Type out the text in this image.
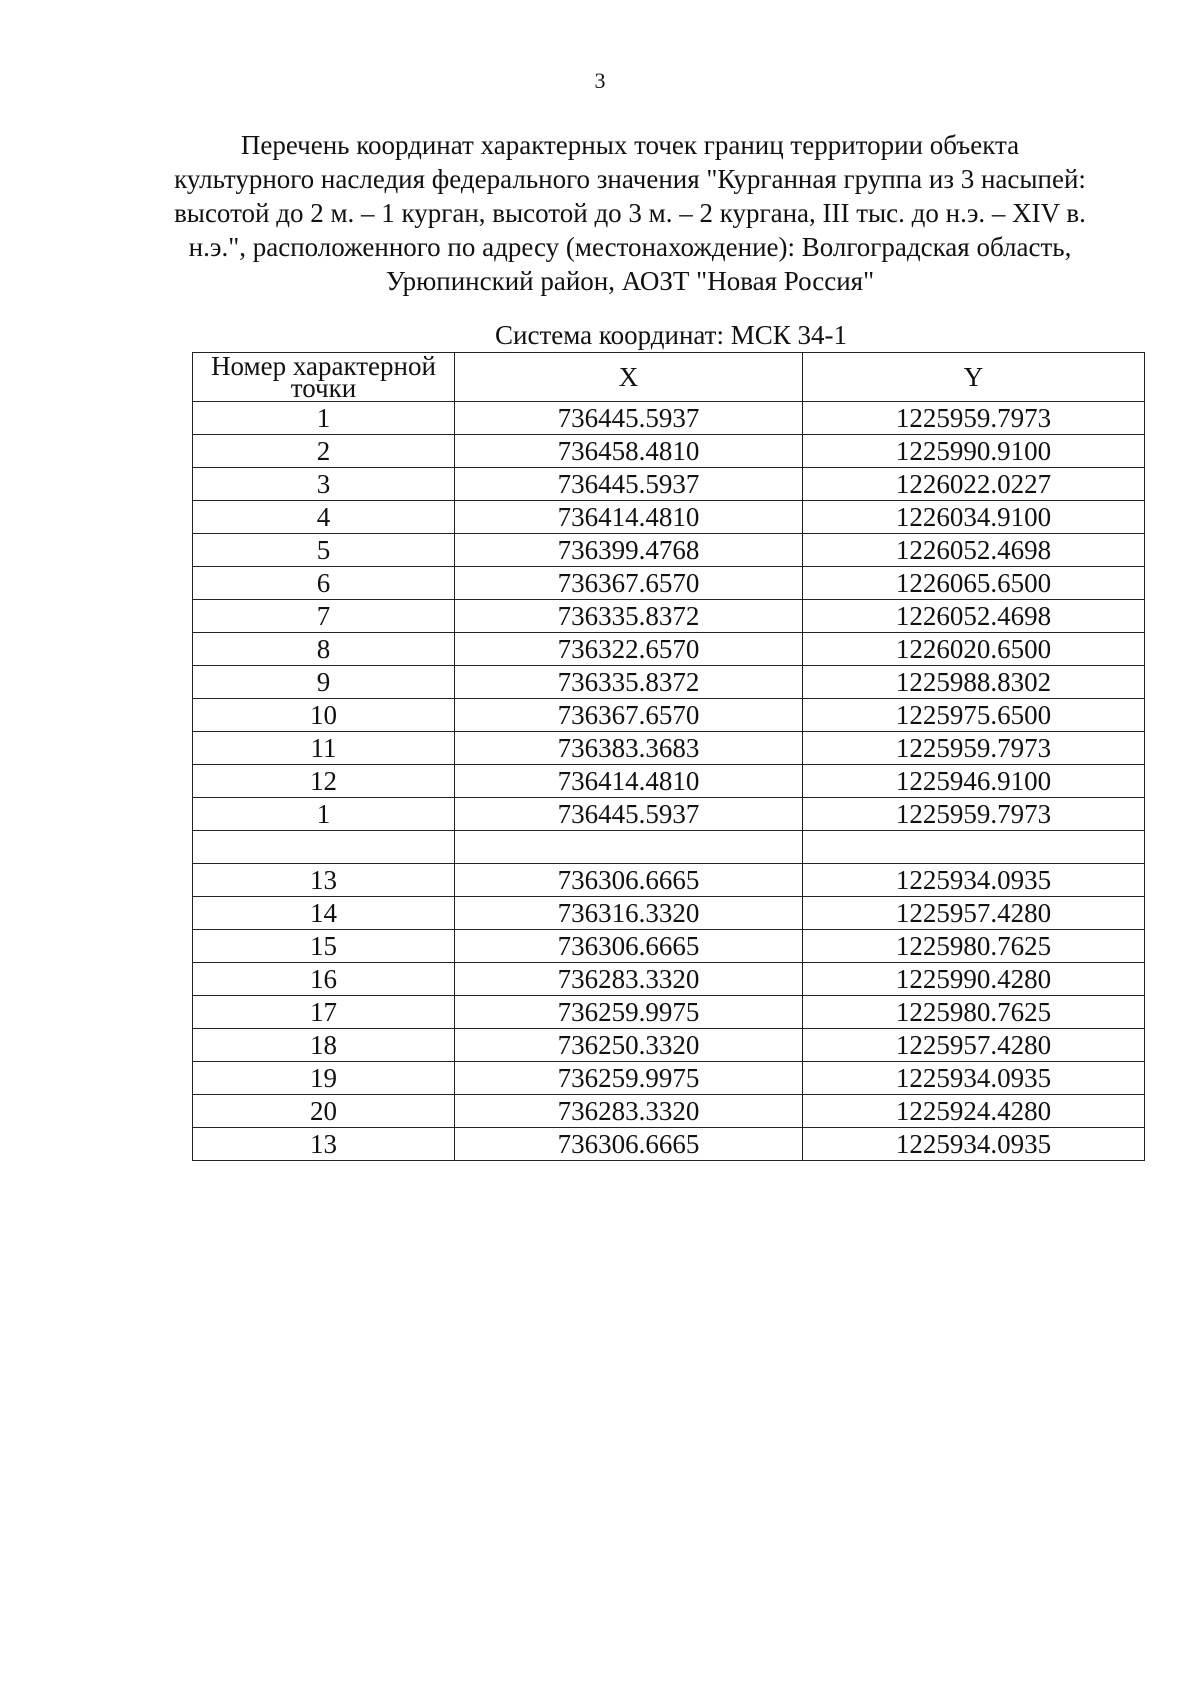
3
Перечень координат характерных точек границ территории объекта
культурного наследия федерального значения "Курганная группа из 3 насыпей:
высотой до 2 м. – 1 курган, высотой до 3 м. – 2 кургана, III тыс. до н.э. – XIV в.
н.э.", расположенного по адресу (местонахождение): Волгоградская область,
Урюпинский район, АОЗТ "Новая Россия"
Система координат: МСК 34-1
Номер характерной
точки	X	Y
1	736445.5937	1225959.7973
2	736458.4810	1225990.9100
3	736445.5937	1226022.0227
4	736414.4810	1226034.9100
5	736399.4768	1226052.4698
6	736367.6570	1226065.6500
7	736335.8372	1226052.4698
8	736322.6570	1226020.6500
9	736335.8372	1225988.8302
10	736367.6570	1225975.6500
11	736383.3683	1225959.7973
12	736414.4810	1225946.9100
1	736445.5937	1225959.7973

13	736306.6665	1225934.0935
14	736316.3320	1225957.4280
15	736306.6665	1225980.7625
16	736283.3320	1225990.4280
17	736259.9975	1225980.7625
18	736250.3320	1225957.4280
19	736259.9975	1225934.0935
20	736283.3320	1225924.4280
13	736306.6665	1225934.0935
